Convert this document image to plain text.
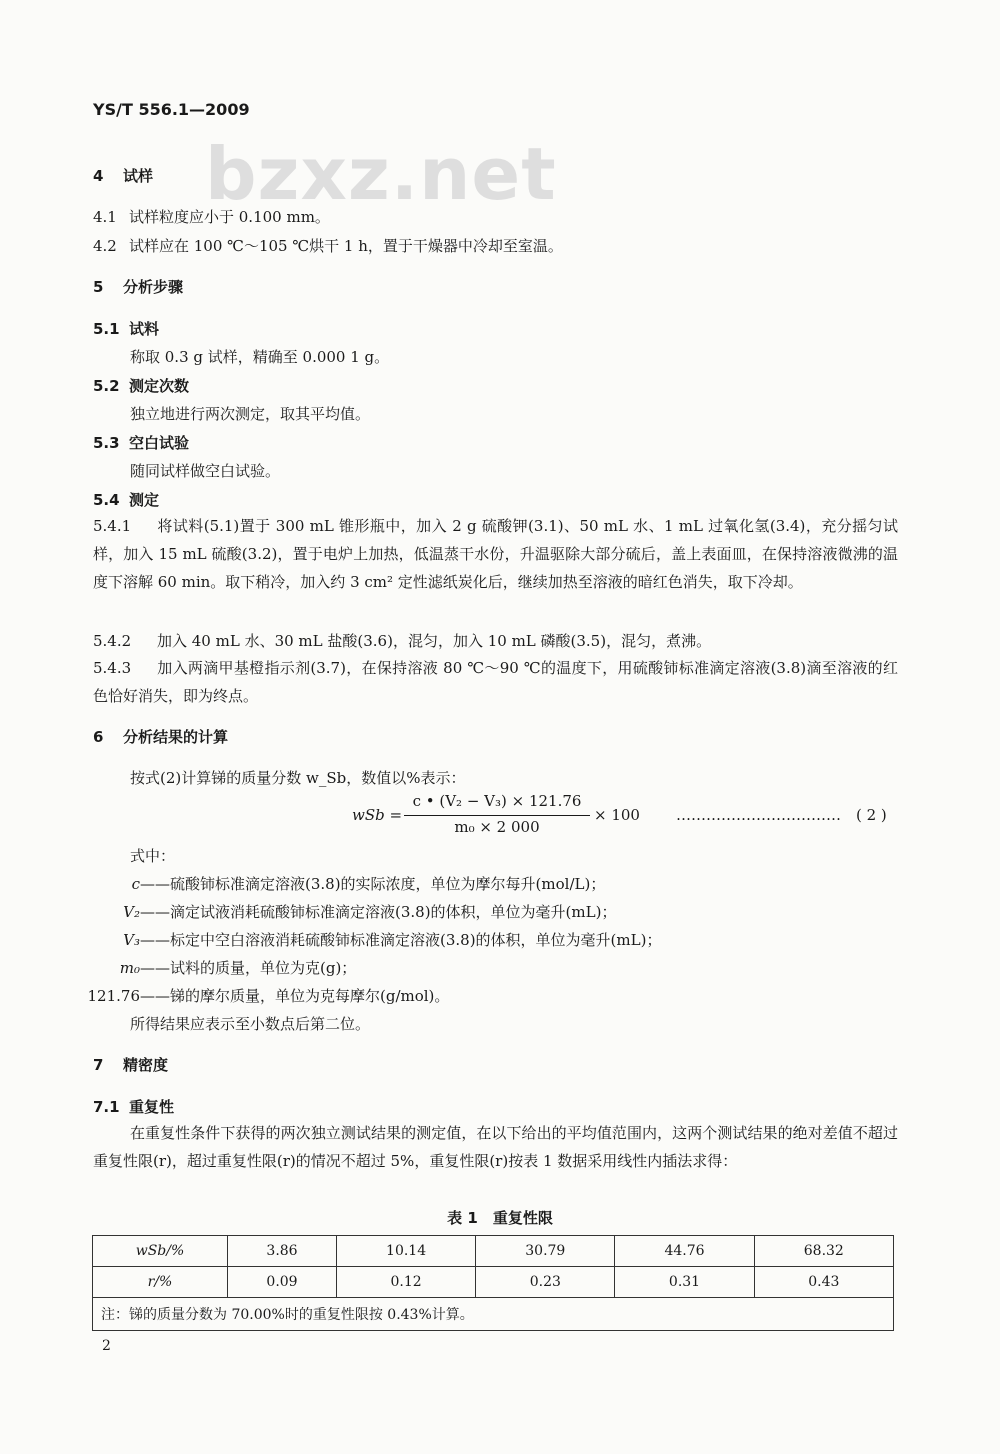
YS/T 556.1—2009
bzxz.net
4 试样
4.1 试样粒度应小于 0.100 mm。
4.2 试样应在 100 ℃～105 ℃烘干 1 h，置于干燥器中冷却至室温。
5 分析步骤
5.1 试料
称取 0.3 g 试样，精确至 0.000 1 g。
5.2 测定次数
独立地进行两次测定，取其平均值。
5.3 空白试验
随同试样做空白试验。
5.4 测定
5.4.1 将试料(5.1)置于 300 mL 锥形瓶中，加入 2 g 硫酸钾(3.1)、50 mL 水、1 mL 过氧化氢(3.4)，充分摇匀试样，加入 15 mL 硫酸(3.2)，置于电炉上加热，低温蒸干水份，升温驱除大部分硫后，盖上表面皿，在保持溶液微沸的温度下溶解 60 min。取下稍冷，加入约 3 cm² 定性滤纸炭化后，继续加热至溶液的暗红色消失，取下冷却。
5.4.2 加入 40 mL 水、30 mL 盐酸(3.6)，混匀，加入 10 mL 磷酸(3.5)，混匀，煮沸。
5.4.3 加入两滴甲基橙指示剂(3.7)，在保持溶液 80 ℃～90 ℃的温度下，用硫酸铈标准滴定溶液(3.8)滴至溶液的红色恰好消失，即为终点。
6 分析结果的计算
按式(2)计算锑的质量分数 w_Sb，数值以%表示：
wSb =
c • (V₂ − V₃) × 121.76
m₀ × 2 000
× 100 …………………………… ( 2 )
式中：
c——硫酸铈标准滴定溶液(3.8)的实际浓度，单位为摩尔每升(mol/L)；
V₂——滴定试液消耗硫酸铈标准滴定溶液(3.8)的体积，单位为毫升(mL)；
V₃——标定中空白溶液消耗硫酸铈标准滴定溶液(3.8)的体积，单位为毫升(mL)；
m₀——试料的质量，单位为克(g)；
121.76——锑的摩尔质量，单位为克每摩尔(g/mol)。
所得结果应表示至小数点后第二位。
7 精密度
7.1 重复性
在重复性条件下获得的两次独立测试结果的测定值，在以下给出的平均值范围内，这两个测试结果的绝对差值不超过重复性限(r)，超过重复性限(r)的情况不超过 5%，重复性限(r)按表 1 数据采用线性内插法求得：
表 1　重复性限
wSb/%	3.86	10.14	30.79	44.76	68.32
r/%	0.09	0.12	0.23	0.31	0.43
注：锑的质量分数为 70.00%时的重复性限按 0.43%计算。					
2
